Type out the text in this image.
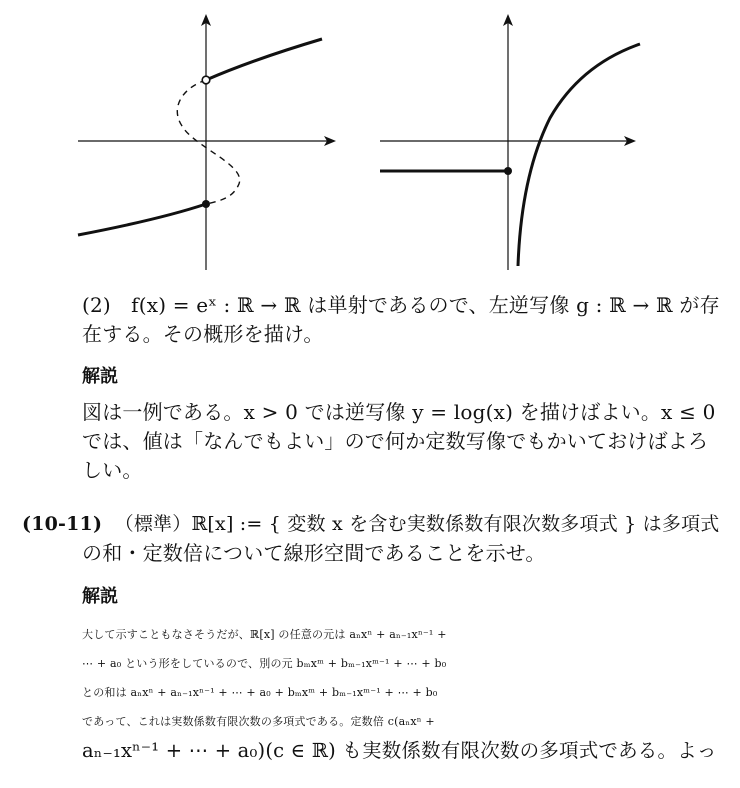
(2)　f(x) = eˣ : ℝ → ℝ は単射であるので、左逆写像 g : ℝ → ℝ が存
在する。その概形を描け。
解説
図は一例である。x > 0 では逆写像 y = log(x) を描けばよい。x ≤ 0
では、値は「なんでもよい」ので何か定数写像でもかいておけばよろ
しい。
(10-11) （標準）ℝ[x] := { 変数 x を含む実数係数有限次数多項式 } は多項式
の和・定数倍について線形空間であることを示せ。
解説
大して示すこともなさそうだが、ℝ[x] の任意の元は aₙxⁿ + aₙ₋₁xⁿ⁻¹ +
⋯ + a₀ という形をしているので、別の元 bₘxᵐ + bₘ₋₁xᵐ⁻¹ + ⋯ + b₀
との和は aₙxⁿ + aₙ₋₁xⁿ⁻¹ + ⋯ + a₀ + bₘxᵐ + bₘ₋₁xᵐ⁻¹ + ⋯ + b₀
であって、これは実数係数有限次数の多項式である。定数倍 c(aₙxⁿ +
aₙ₋₁xⁿ⁻¹ + ⋯ + a₀)(c ∈ ℝ) も実数係数有限次数の多項式である。よっ
